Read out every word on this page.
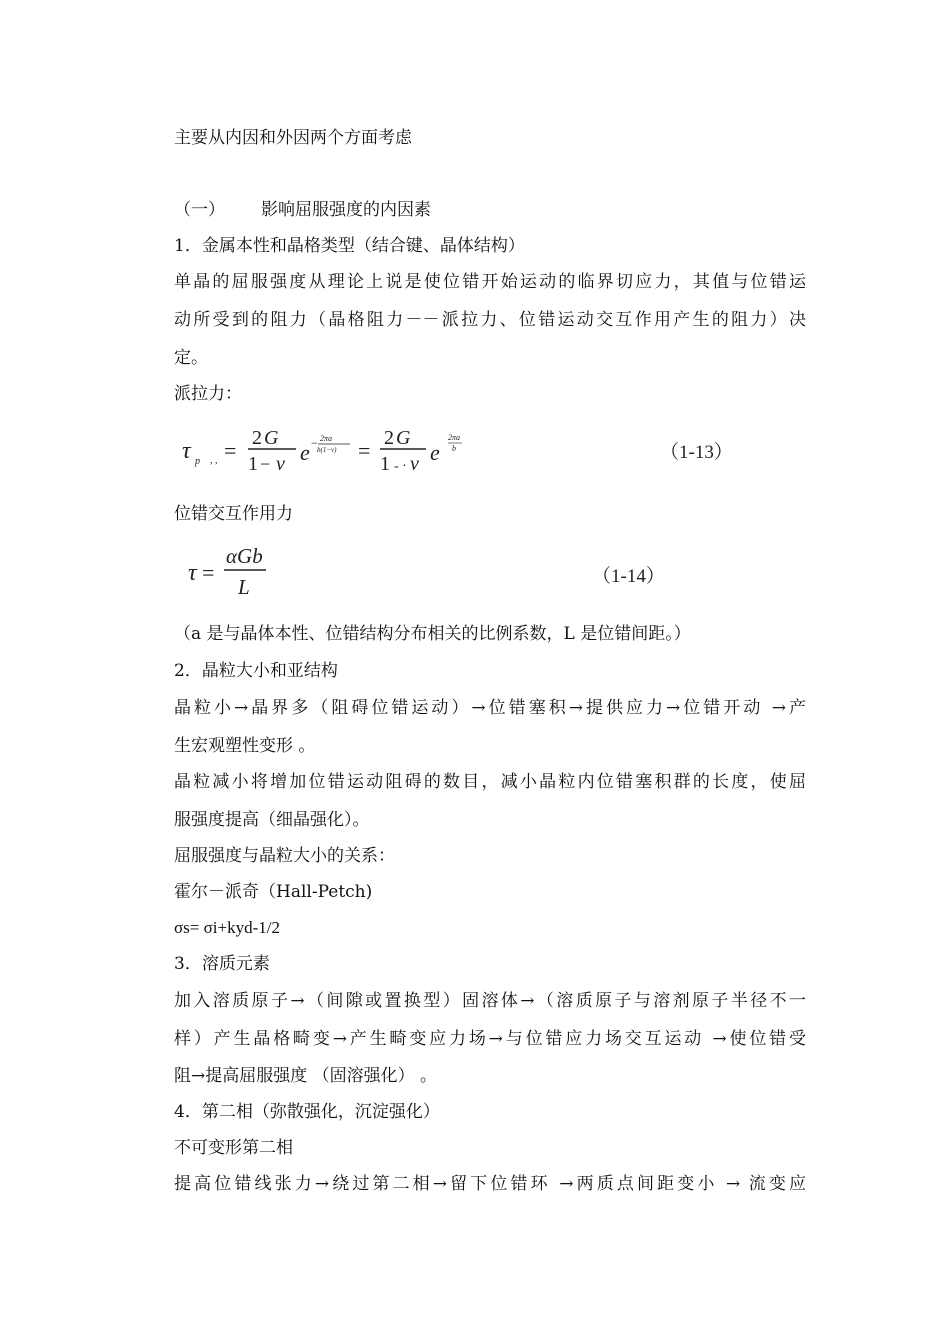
主要从内因和外因两个方面考虑
（一） 影响屈服强度的内因素
1．金属本性和晶格类型（结合键、晶体结构）
单晶的屈服强度从理论上说是使位错开始运动的临界切应力，其值与位错运
动所受到的阻力（晶格阻力－－派拉力、位错运动交互作用产生的阻力）决
定。
派拉力：
τ p , , = 2 G
1 − ν e − 2πa
b(1−ν) = 2 G
1 - · ν e
2πa
b	（1-13）
位错交互作用力
τ =
αGb
L	（1-14）
（a 是与晶体本性、位错结构分布相关的比例系数，L 是位错间距。）
2．晶粒大小和亚结构
晶粒小→晶界多（阻碍位错运动）→位错塞积→提供应力→位错开动 →产
生宏观塑性变形 。
晶粒减小将增加位错运动阻碍的数目，减小晶粒内位错塞积群的长度，使屈
服强度提高（细晶强化）。
屈服强度与晶粒大小的关系：
霍尔－派奇（Hall-Petch)
σs= σi+kyd-1/2
3．溶质元素
加入溶质原子→（间隙或置换型）固溶体→（溶质原子与溶剂原子半径不一
样）产生晶格畸变→产生畸变应力场→与位错应力场交互运动 →使位错受
阻→提高屈服强度 （固溶强化） 。
4．第二相（弥散强化，沉淀强化）
不可变形第二相
提高位错线张力→绕过第二相→留下位错环 →两质点间距变小 → 流变应
